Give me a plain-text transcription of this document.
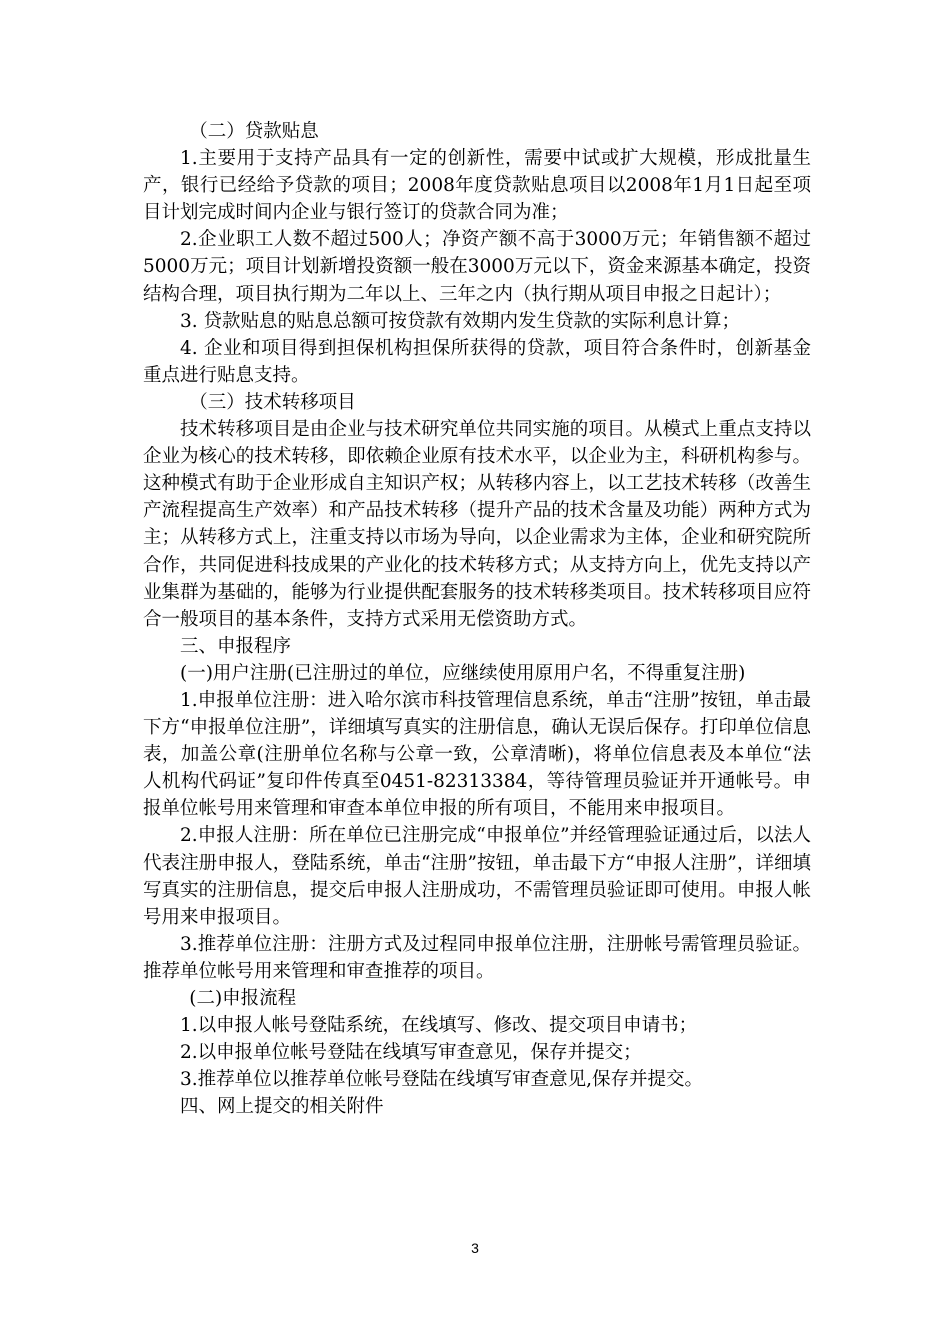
（二）贷款贴息

1.主要用于支持产品具有一定的创新性，需要中试或扩大规模，形成批量生产，银行已经给予贷款的项目；2008年度贷款贴息项目以2008年1月1日起至项目计划完成时间内企业与银行签订的贷款合同为准；

2.企业职工人数不超过500人；净资产额不高于3000万元；年销售额不超过5000万元；项目计划新增投资额一般在3000万元以下，资金来源基本确定，投资结构合理，项目执行期为二年以上、三年之内（执行期从项目申报之日起计）；

3. 贷款贴息的贴息总额可按贷款有效期内发生贷款的实际利息计算；

4. 企业和项目得到担保机构担保所获得的贷款，项目符合条件时，创新基金重点进行贴息支持。

（三）技术转移项目

技术转移项目是由企业与技术研究单位共同实施的项目。从模式上重点支持以企业为核心的技术转移，即依赖企业原有技术水平，以企业为主，科研机构参与。这种模式有助于企业形成自主知识产权；从转移内容上，以工艺技术转移（改善生产流程提高生产效率）和产品技术转移（提升产品的技术含量及功能）两种方式为主；从转移方式上，注重支持以市场为导向，以企业需求为主体，企业和研究院所合作，共同促进科技成果的产业化的技术转移方式；从支持方向上，优先支持以产业集群为基础的，能够为行业提供配套服务的技术转移类项目。技术转移项目应符合一般项目的基本条件，支持方式采用无偿资助方式。

三、申报程序

(一)用户注册(已注册过的单位，应继续使用原用户名，不得重复注册)

1.申报单位注册：进入哈尔滨市科技管理信息系统，单击“注册”按钮，单击最下方“申报单位注册”，详细填写真实的注册信息，确认无误后保存。打印单位信息表，加盖公章(注册单位名称与公章一致，公章清晰)，将单位信息表及本单位“法人机构代码证”复印件传真至0451-82313384，等待管理员验证并开通帐号。申报单位帐号用来管理和审查本单位申报的所有项目，不能用来申报项目。

2.申报人注册：所在单位已注册完成“申报单位”并经管理验证通过后，以法人代表注册申报人，登陆系统，单击“注册”按钮，单击最下方“申报人注册”，详细填写真实的注册信息，提交后申报人注册成功，不需管理员验证即可使用。申报人帐号用来申报项目。

3.推荐单位注册：注册方式及过程同申报单位注册，注册帐号需管理员验证。推荐单位帐号用来管理和审查推荐的项目。

(二)申报流程

1.以申报人帐号登陆系统，在线填写、修改、提交项目申请书；

2.以申报单位帐号登陆在线填写审查意见，保存并提交；

3.推荐单位以推荐单位帐号登陆在线填写审查意见,保存并提交。

四、网上提交的相关附件

3
